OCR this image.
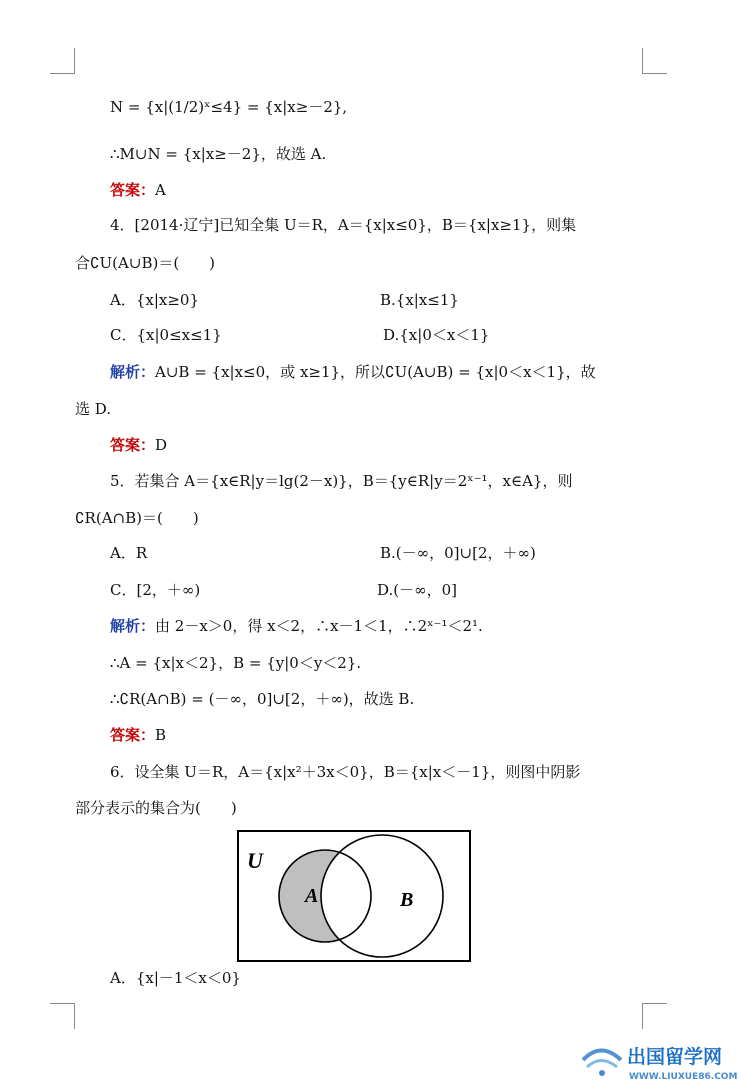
N = {x|(1/2)ˣ≤4} = {x|x≥－2},
∴M∪N = {x|x≥－2}，故选 A.
答案：A
4．[2014·辽宁]已知全集 U＝R，A＝{x|x≤0}，B＝{x|x≥1}，则集
合∁U(A∪B)＝(　　)
A．{x|x≥0}	B.{x|x≤1}
C．{x|0≤x≤1}	D.{x|0＜x＜1}
解析：A∪B = {x|x≤0，或 x≥1}，所以∁U(A∪B) = {x|0＜x＜1}，故
选 D.
答案：D
5．若集合 A＝{x∈R|y＝lg(2－x)}，B＝{y∈R|y＝2ˣ⁻¹，x∈A}，则
∁R(A∩B)＝(　　)
A．R	B.(－∞，0]∪[2，＋∞)
C．[2，＋∞)	D.(－∞，0]
解析：由 2－x＞0，得 x＜2，∴x－1＜1，∴2ˣ⁻¹＜2¹.
∴A = {x|x＜2}，B = {y|0＜y＜2}.
∴∁R(A∩B) = (－∞，0]∪[2，＋∞)，故选 B.
答案：B
6．设全集 U＝R，A＝{x|x²＋3x＜0}，B＝{x|x＜－1}，则图中阴影
部分表示的集合为(　　)
U
A	B
A．{x|－1＜x＜0}
出国留学网
WWW.LIUXUE86.COM
